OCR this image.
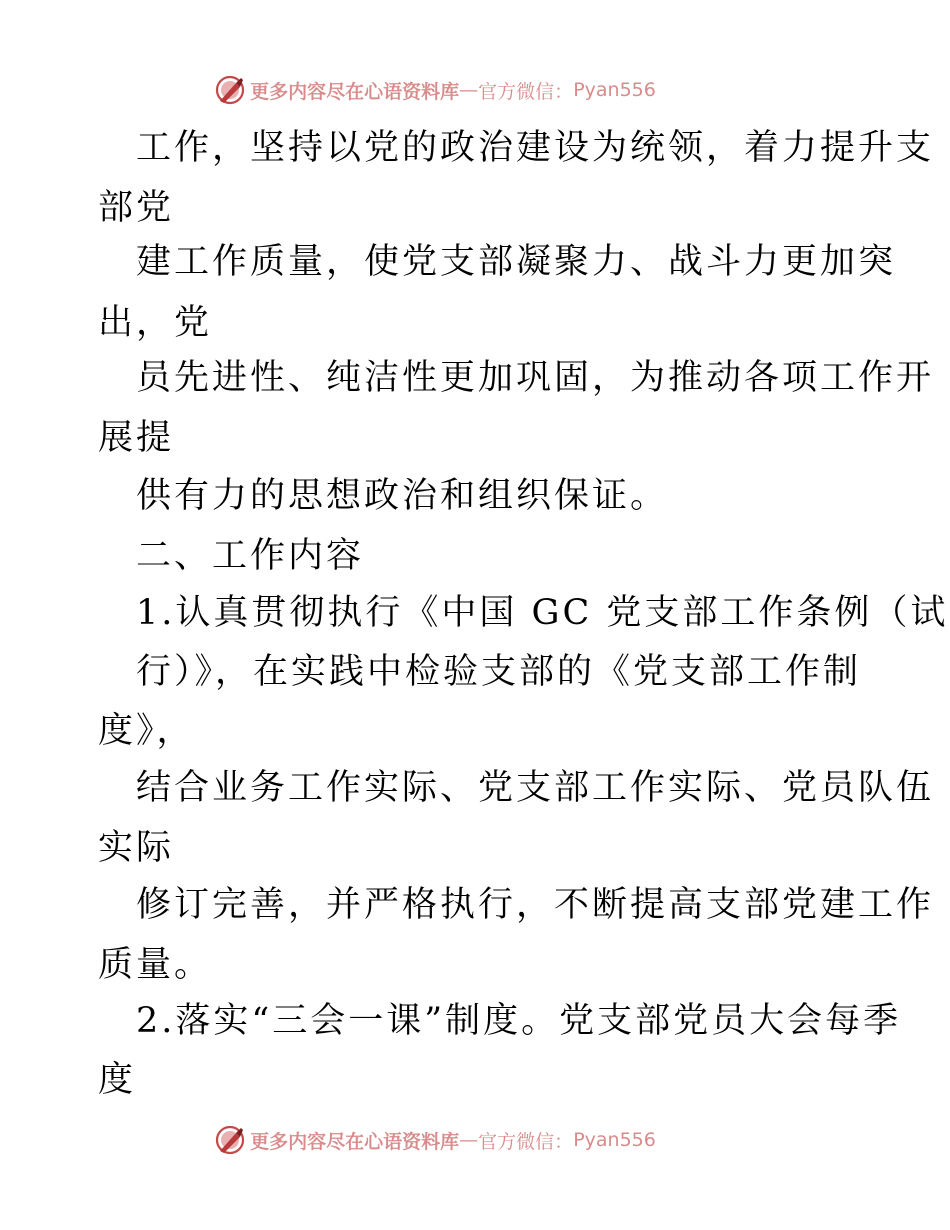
更多内容尽在心语资料库 — 官方微信： Pyan556
工作，坚持以党的政治建设为统领，着力提升支
部党
建工作质量，使党支部凝聚力、战斗力更加突
出，党
员先进性、纯洁性更加巩固，为推动各项工作开
展提
供有力的思想政治和组织保证。
二、工作内容
1.认真贯彻执行《中国 GC 党支部工作条例（试
行）》，在实践中检验支部的《党支部工作制
度》，
结合业务工作实际、党支部工作实际、党员队伍
实际
修订完善，并严格执行，不断提高支部党建工作
质量。
2.落实“三会一课”制度。党支部党员大会每季
度
更多内容尽在心语资料库 — 官方微信： Pyan556
